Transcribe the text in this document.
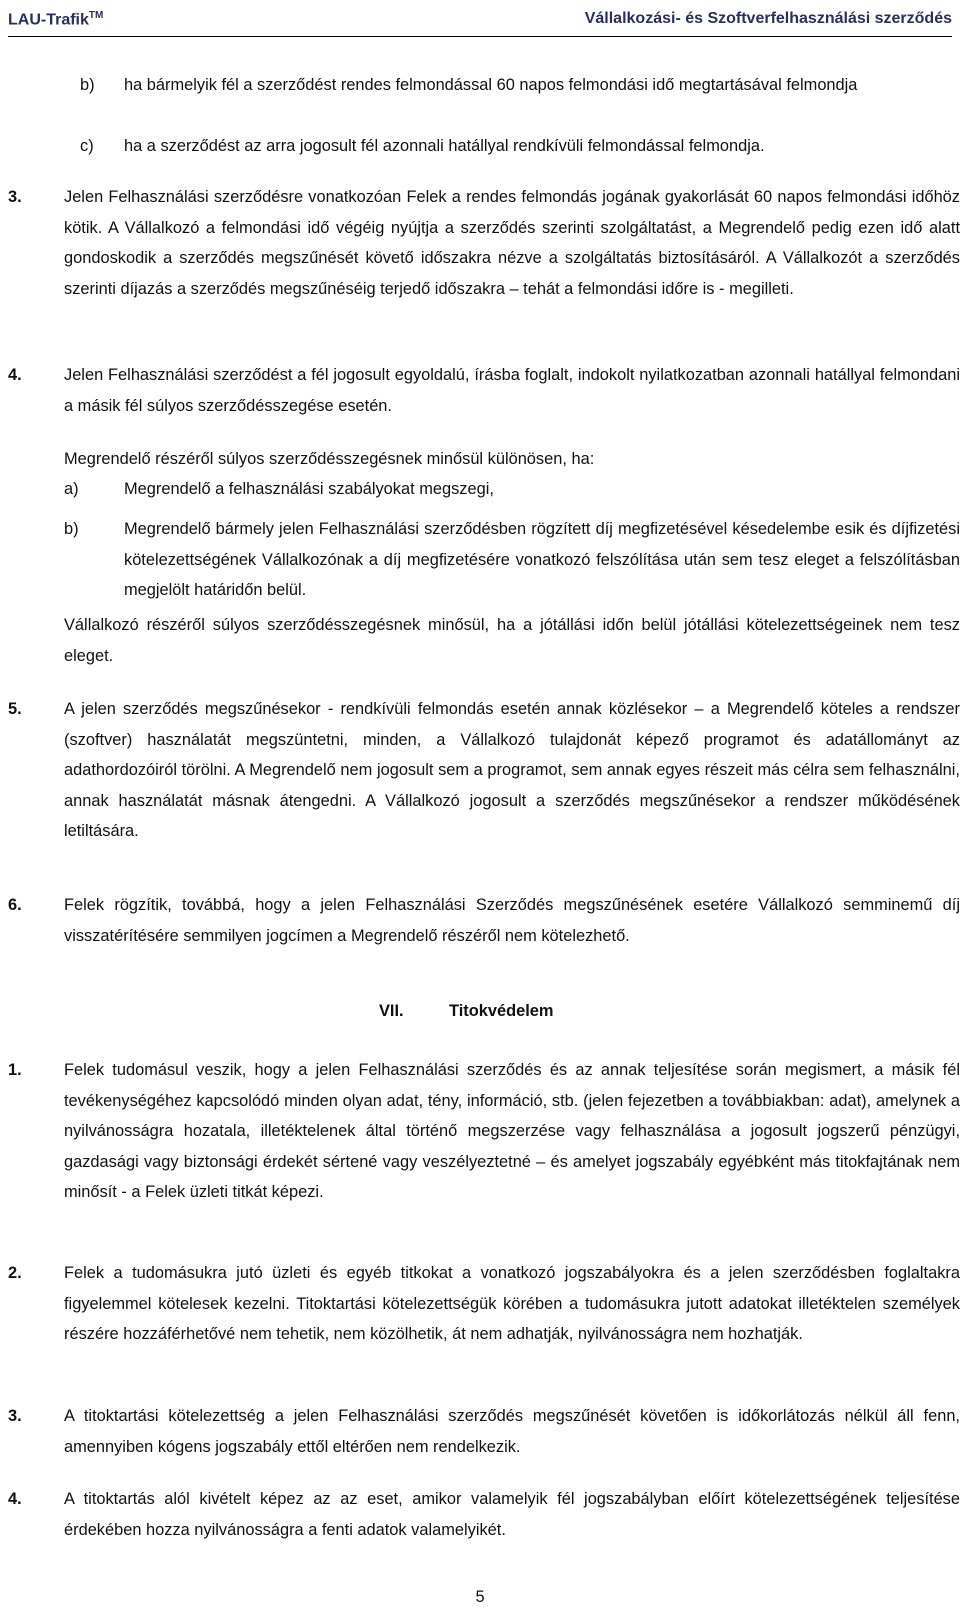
LAU-Trafik™	Vállalkozási- és Szoftverfelhasználási szerződés
b)	ha bármelyik fél a szerződést rendes felmondással 60 napos felmondási idő megtartásával felmondja
c)	ha a szerződést az arra jogosult fél azonnali hatállyal rendkívüli felmondással felmondja.
3.	Jelen Felhasználási szerződésre vonatkozóan Felek a rendes felmondás jogának gyakorlását 60 napos felmondási időhöz kötik. A Vállalkozó a felmondási idő végéig nyújtja a szerződés szerinti szolgáltatást, a Megrendelő pedig ezen idő alatt gondoskodik a szerződés megszűnését követő időszakra nézve a szolgáltatás biztosításáról. A Vállalkozót a szerződés szerinti díjazás a szerződés megszűnéséig terjedő időszakra – tehát a felmondási időre is - megilleti.
4.	Jelen Felhasználási szerződést a fél jogosult egyoldalú, írásba foglalt, indokolt nyilatkozatban azonnali hatállyal felmondani a másik fél súlyos szerződésszegése esetén.
Megrendelő részéről súlyos szerződésszegésnek minősül különösen, ha:
a)	Megrendelő a felhasználási szabályokat megszegi,
b)	Megrendelő bármely jelen Felhasználási szerződésben rögzített díj megfizetésével késedelembe esik és díjfizetési kötelezettségének Vállalkozónak a díj megfizetésére vonatkozó felszólítása után sem tesz eleget a felszólításban megjelölt határidőn belül.
Vállalkozó részéről súlyos szerződésszegésnek minősül, ha a jótállási időn belül jótállási kötelezettségeinek nem tesz eleget.
5.	A jelen szerződés megszűnésekor - rendkívüli felmondás esetén annak közlésekor – a Megrendelő köteles a rendszer (szoftver) használatát megszüntetni, minden, a Vállalkozó tulajdonát képező programot és adatállományt az adathordozóiról törölni. A Megrendelő nem jogosult sem a programot, sem annak egyes részeit más célra sem felhasználni, annak használatát másnak átengedni. A Vállalkozó jogosult a szerződés megszűnésekor a rendszer működésének letiltására.
6.	Felek rögzítik, továbbá, hogy a jelen Felhasználási Szerződés megszűnésének esetére Vállalkozó semminemű díj visszatérítésére semmilyen jogcímen a Megrendelő részéről nem kötelezhető.
VII.	Titokvédelem
1.	Felek tudomásul veszik, hogy a jelen Felhasználási szerződés és az annak teljesítése során megismert, a másik fél tevékenységéhez kapcsolódó minden olyan adat, tény, információ, stb. (jelen fejezetben a továbbiakban: adat), amelynek a nyilvánosságra hozatala, illetéktelenek által történő megszerzése vagy felhasználása a jogosult jogszerű pénzügyi, gazdasági vagy biztonsági érdekét sértené vagy veszélyeztetné – és amelyet jogszabály egyébként más titokfajtának nem minősít - a Felek üzleti titkát képezi.
2.	Felek a tudomásukra jutó üzleti és egyéb titkokat a vonatkozó jogszabályokra és a jelen szerződésben foglaltakra figyelemmel kötelesek kezelni. Titoktartási kötelezettségük körében a tudomásukra jutott adatokat illetéktelen személyek részére hozzáférhetővé nem tehetik, nem közölhetik, át nem adhatják, nyilvánosságra nem hozhatják.
3.	A titoktartási kötelezettség a jelen Felhasználási szerződés megszűnését követően is időkorlátozás nélkül áll fenn, amennyiben kógens jogszabály ettől eltérően nem rendelkezik.
4.	A titoktartás alól kivételt képez az az eset, amikor valamelyik fél jogszabályban előírt kötelezettségének teljesítése érdekében hozza nyilvánosságra a fenti adatok valamelyikét.
5
